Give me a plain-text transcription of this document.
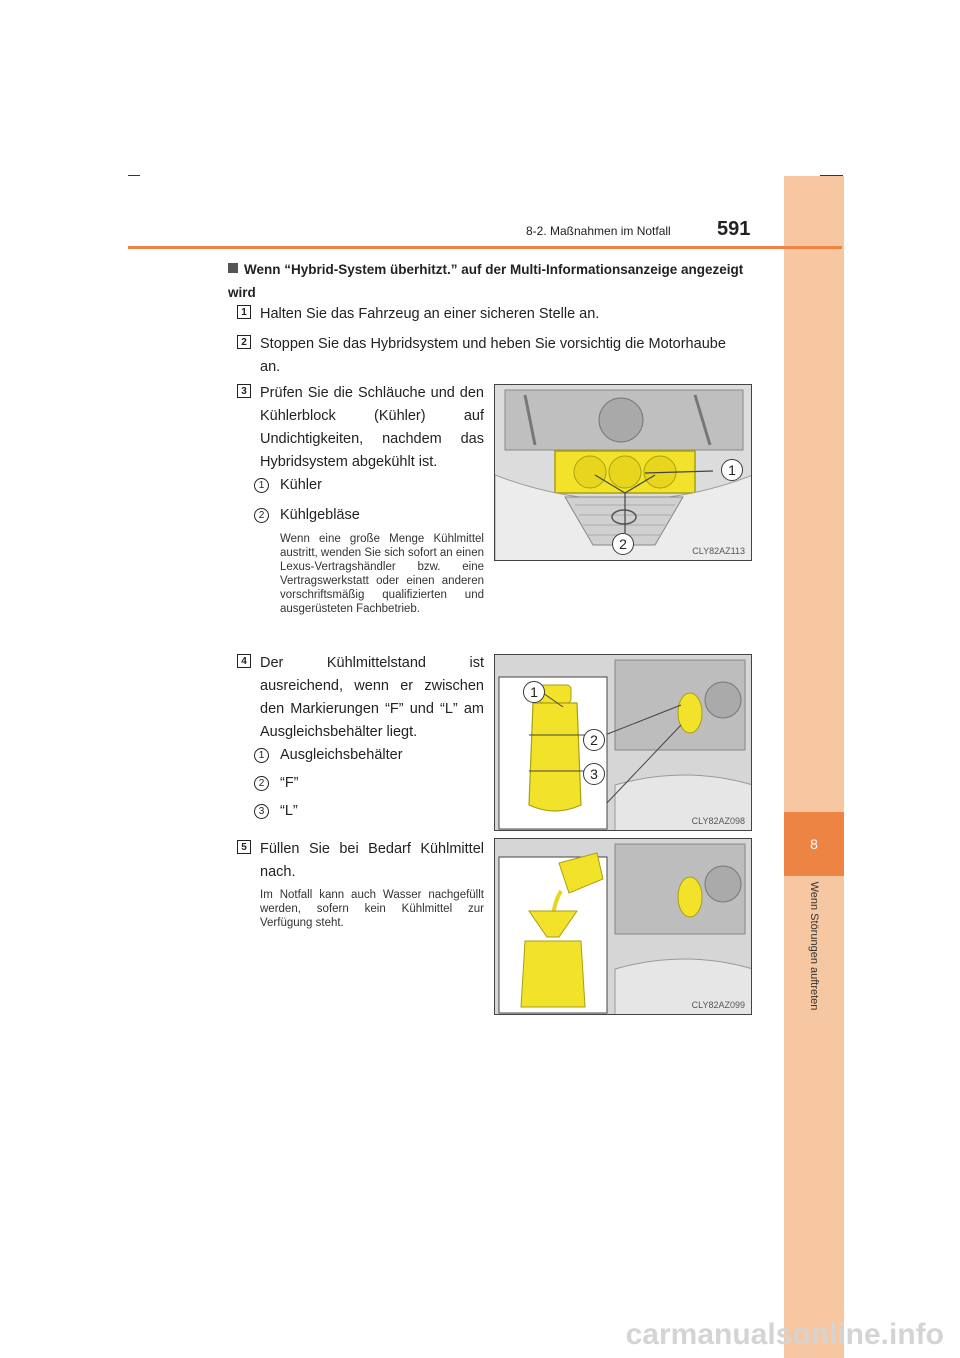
8
Wenn Störungen auftreten
8-2. Maßnahmen im Notfall 591
Wenn “Hybrid-System überhitzt.” auf der Multi-Informationsanzeige angezeigt wird
1 Halten Sie das Fahrzeug an einer sicheren Stelle an.
2 Stoppen Sie das Hybridsystem und heben Sie vorsichtig die Motorhaube an.
3 Prüfen Sie die Schläuche und den Kühlerblock (Kühler) auf Undichtigkeiten, nachdem das Hybridsystem abgekühlt ist.
1	Kühler
2	Kühlgebläse
Wenn eine große Menge Kühlmittel austritt, wenden Sie sich sofort an einen Lexus-Vertragshändler bzw. eine Vertragswerkstatt oder einen anderen vorschriftsmäßig qualifizierten und ausgerüsteten Fachbetrieb.
1
2	CLY82AZ113
4 Der Kühlmittelstand ist ausreichend, wenn er zwischen den Markierungen “F” und “L” am Ausgleichsbehälter liegt.
1	Ausgleichsbehälter
2	“F”
3	“L”
1
2
3
CLY82AZ098
5 Füllen Sie bei Bedarf Kühlmittel nach.
Im Notfall kann auch Wasser nachgefüllt werden, sofern kein Kühlmittel zur Verfügung steht.
CLY82AZ099
carmanualsonline.info
